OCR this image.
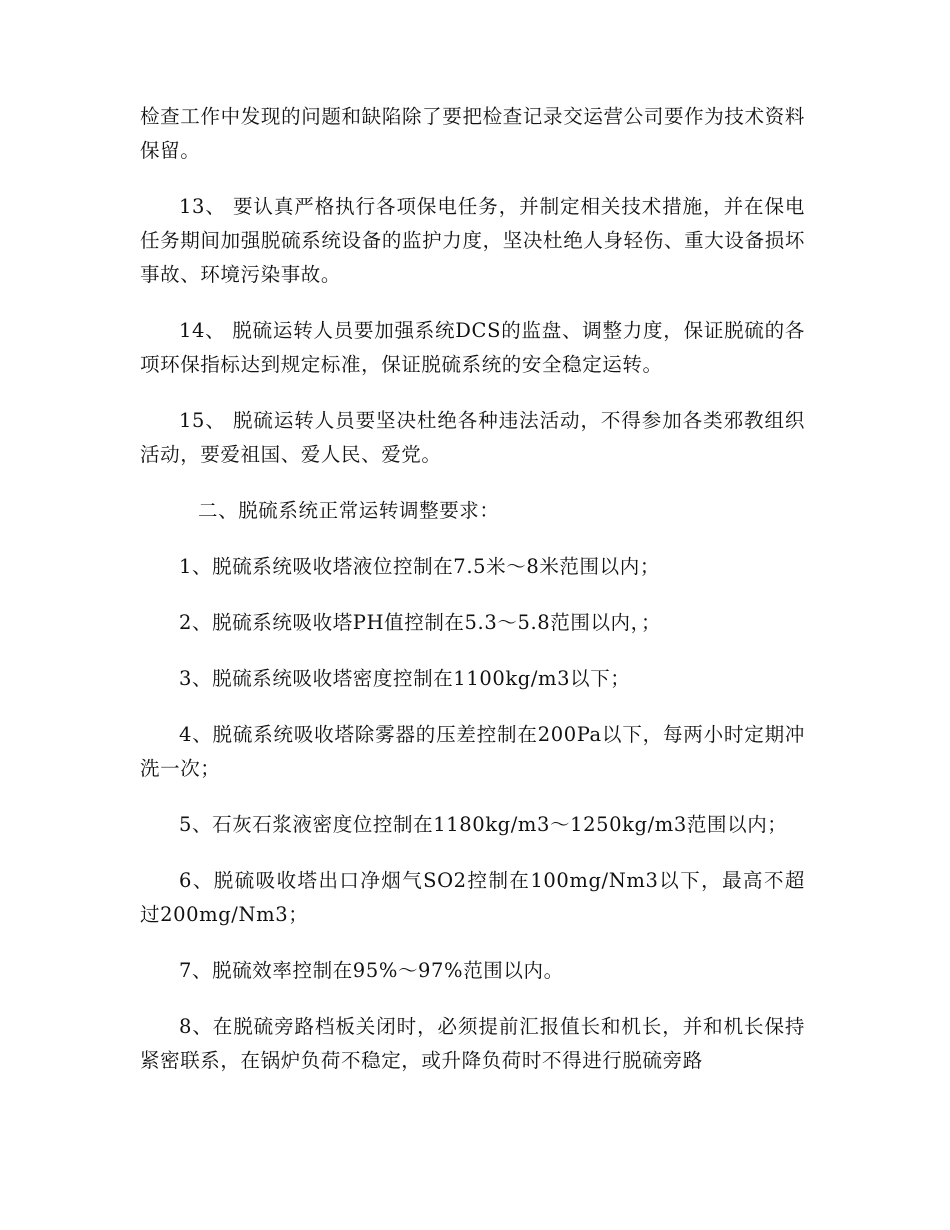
检查工作中发现的问题和缺陷除了要把检查记录交运营公司要作为技术资料保留。

13、 要认真严格执行各项保电任务，并制定相关技术措施，并在保电任务期间加强脱硫系统设备的监护力度，坚决杜绝人身轻伤、重大设备损坏事故、环境污染事故。

14、 脱硫运转人员要加强系统DCS的监盘、调整力度，保证脱硫的各项环保指标达到规定标准，保证脱硫系统的安全稳定运转。

15、 脱硫运转人员要坚决杜绝各种违法活动，不得参加各类邪教组织活动，要爱祖国、爱人民、爱党。

二、脱硫系统正常运转调整要求：

1、脱硫系统吸收塔液位控制在7.5米～8米范围以内；

2、脱硫系统吸收塔PH值控制在5.3～5.8范围以内，；

3、脱硫系统吸收塔密度控制在1100kg/m3以下；

4、脱硫系统吸收塔除雾器的压差控制在200Pa以下，每两小时定期冲洗一次；

5、石灰石浆液密度位控制在1180kg/m3～1250kg/m3范围以内；

6、脱硫吸收塔出口净烟气SO2控制在100mg/Nm3以下，最高不超过200mg/Nm3；

7、脱硫效率控制在95%～97%范围以内。

8、在脱硫旁路档板关闭时，必须提前汇报值长和机长，并和机长保持紧密联系，在锅炉负荷不稳定，或升降负荷时不得进行脱硫旁路
